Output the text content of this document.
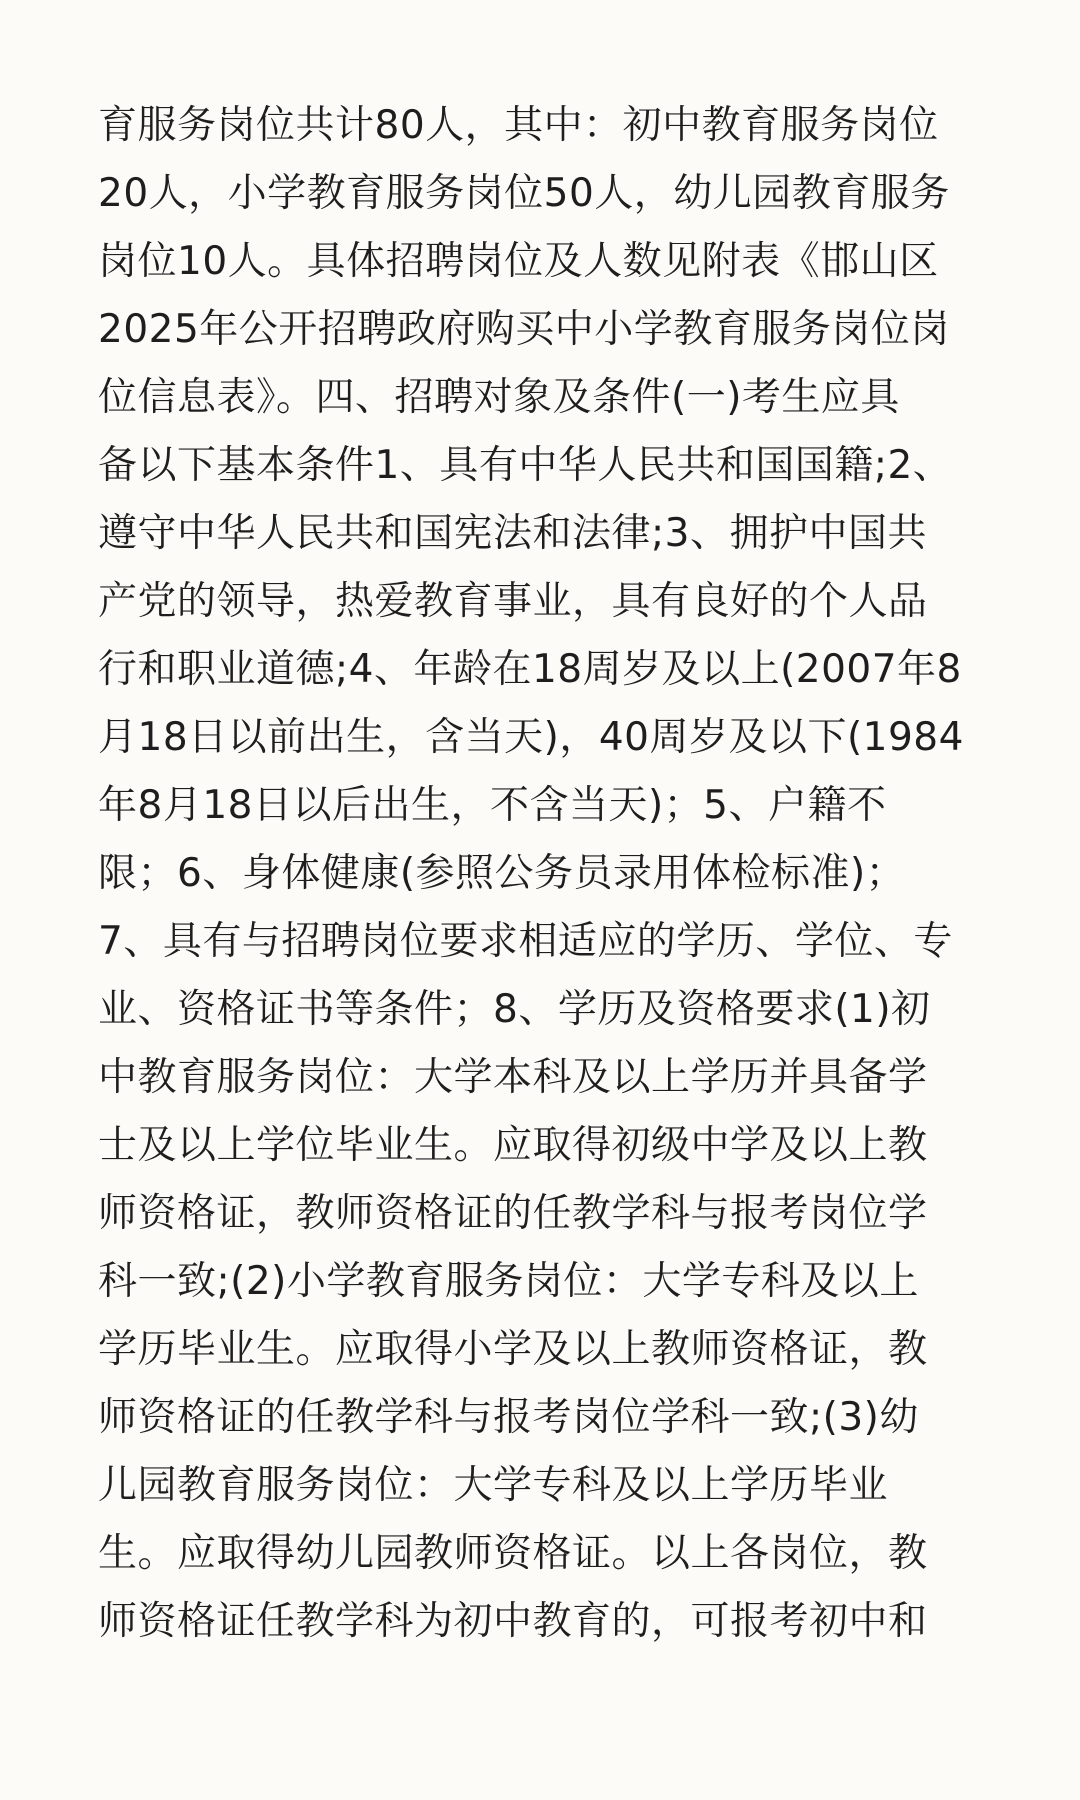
育服务岗位共计80人，其中：初中教育服务岗位
20人，小学教育服务岗位50人，幼儿园教育服务
岗位10人。具体招聘岗位及人数见附表《邯山区
2025年公开招聘政府购买中小学教育服务岗位岗
位信息表》。四、招聘对象及条件(一)考生应具
备以下基本条件1、具有中华人民共和国国籍;2、
遵守中华人民共和国宪法和法律;3、拥护中国共
产党的领导，热爱教育事业，具有良好的个人品
行和职业道德;4、年龄在18周岁及以上(2007年8
月18日以前出生，含当天)，40周岁及以下(1984
年8月18日以后出生，不含当天)；5、户籍不
限；6、身体健康(参照公务员录用体检标准)；
7、具有与招聘岗位要求相适应的学历、学位、专
业、资格证书等条件；8、学历及资格要求(1)初
中教育服务岗位：大学本科及以上学历并具备学
士及以上学位毕业生。应取得初级中学及以上教
师资格证，教师资格证的任教学科与报考岗位学
科一致;(2)小学教育服务岗位：大学专科及以上
学历毕业生。应取得小学及以上教师资格证，教
师资格证的任教学科与报考岗位学科一致;(3)幼
儿园教育服务岗位：大学专科及以上学历毕业
生。应取得幼儿园教师资格证。以上各岗位，教
师资格证任教学科为初中教育的，可报考初中和
